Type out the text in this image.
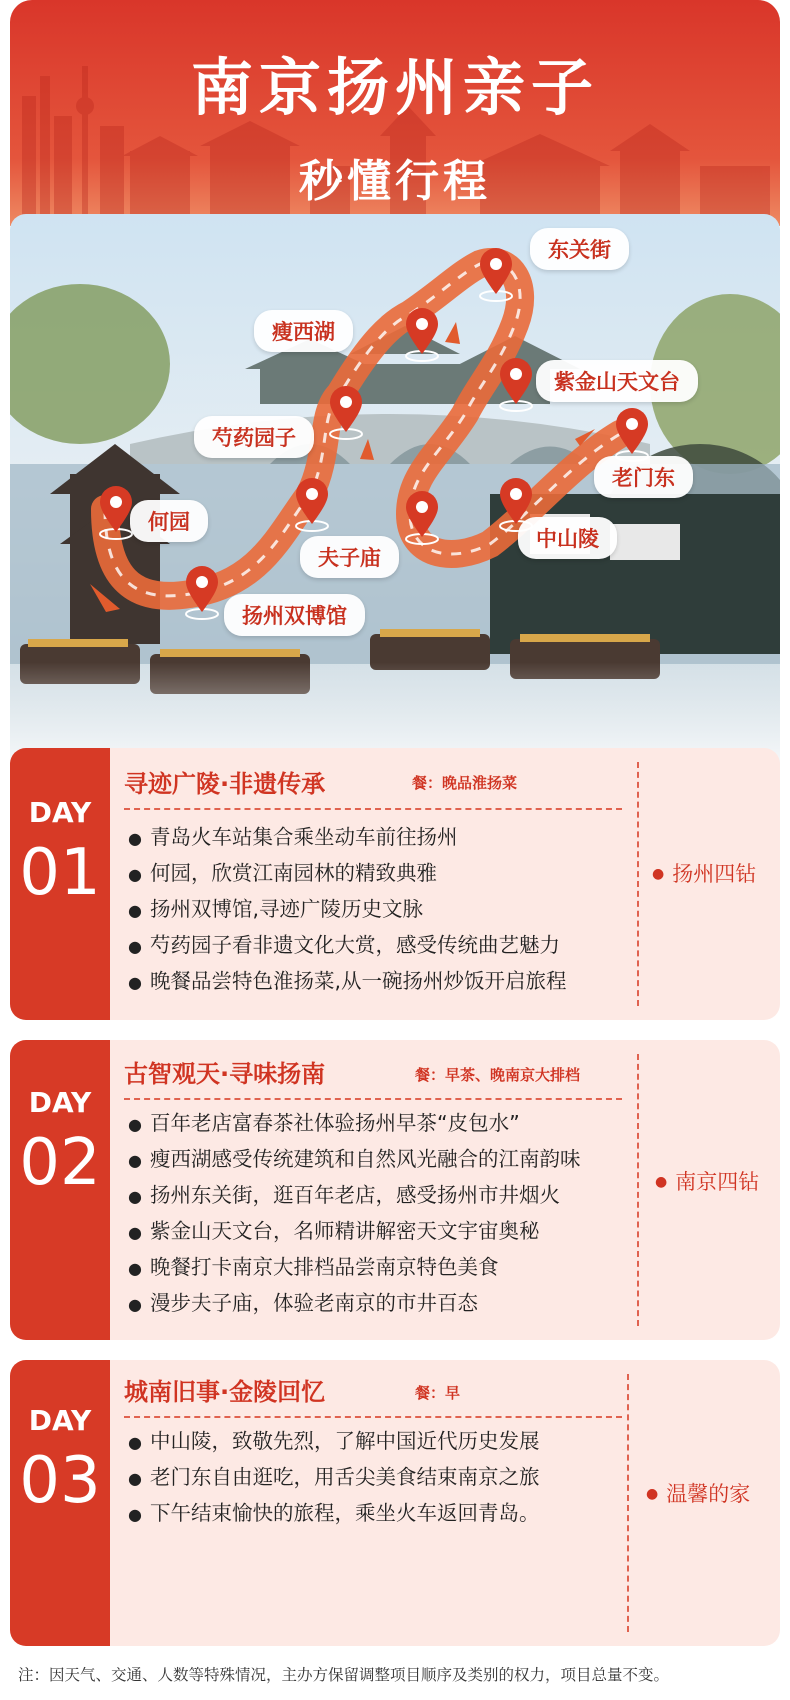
南京扬州亲子
秒懂行程
东关街
瘦西湖
紫金山天文台
芍药园子
老门东
何园
夫子庙
中山陵
扬州双博馆
DAY
01
寻迹广陵·非遗传承	餐：晚品淮扬菜
● 青岛火车站集合乘坐动车前往扬州
● 何园，欣赏江南园林的精致典雅
● 扬州双博馆,寻迹广陵历史文脉
● 芍药园子看非遗文化大赏，感受传统曲艺魅力
● 晚餐品尝特色淮扬菜,从一碗扬州炒饭开启旅程
● 扬州四钻
DAY
02
古智观天·寻味扬南	餐：早茶、晚南京大排档
● 百年老店富春茶社体验扬州早茶“皮包水”
● 瘦西湖感受传统建筑和自然风光融合的江南韵味
● 扬州东关街，逛百年老店，感受扬州市井烟火
● 紫金山天文台，名师精讲解密天文宇宙奥秘
● 晚餐打卡南京大排档品尝南京特色美食
● 漫步夫子庙，体验老南京的市井百态
● 南京四钻
DAY
03
城南旧事·金陵回忆	餐：早
● 中山陵，致敬先烈，了解中国近代历史发展
● 老门东自由逛吃，用舌尖美食结束南京之旅
● 下午结束愉快的旅程，乘坐火车返回青岛。
● 温馨的家
注：因天气、交通、人数等特殊情况，主办方保留调整项目顺序及类别的权力，项目总量不变。
